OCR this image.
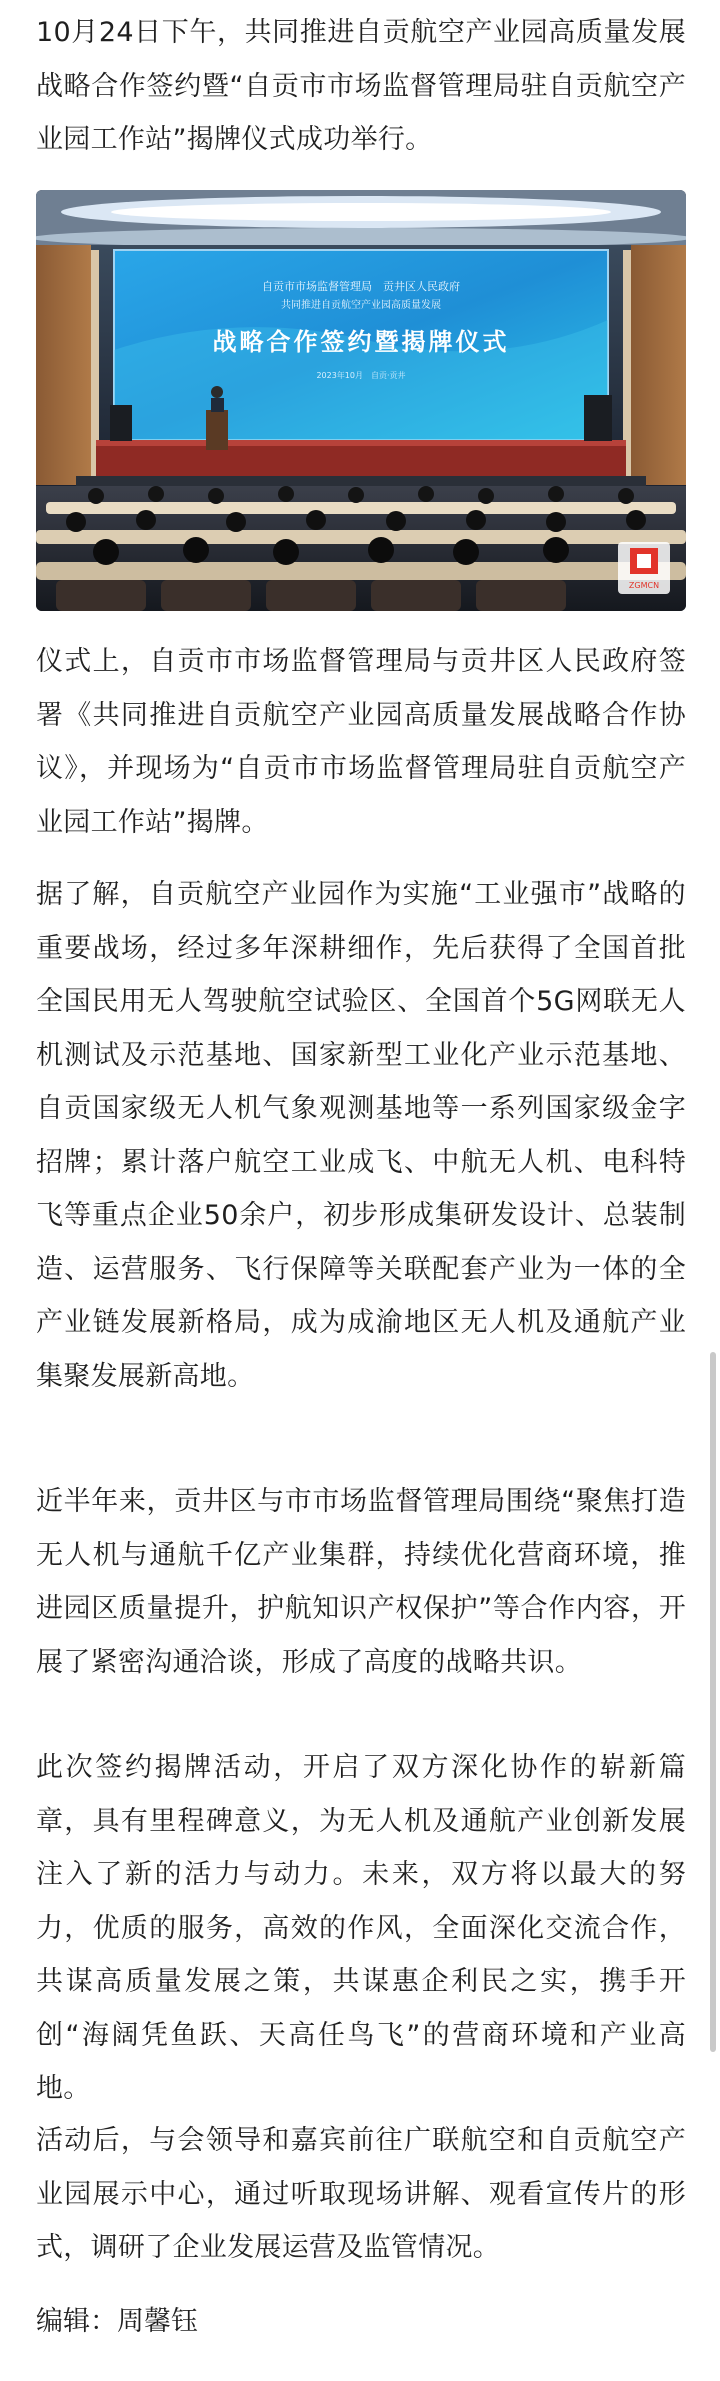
10月24日下午，共同推进自贡航空产业园高质量发展战略合作签约暨“自贡市市场监督管理局驻自贡航空产业园工作站”揭牌仪式成功举行。

自贡市市场监督管理局　贡井区人民政府
共同推进自贡航空产业园高质量发展
战略合作签约暨揭牌仪式
2023年10月　自贡·贡井
ZGMCN

仪式上，自贡市市场监督管理局与贡井区人民政府签署《共同推进自贡航空产业园高质量发展战略合作协议》，并现场为“自贡市市场监督管理局驻自贡航空产业园工作站”揭牌。

据了解，自贡航空产业园作为实施“工业强市”战略的重要战场，经过多年深耕细作，先后获得了全国首批全国民用无人驾驶航空试验区、全国首个5G网联无人机测试及示范基地、国家新型工业化产业示范基地、自贡国家级无人机气象观测基地等一系列国家级金字招牌；累计落户航空工业成飞、中航无人机、电科特飞等重点企业50余户，初步形成集研发设计、总装制造、运营服务、飞行保障等关联配套产业为一体的全产业链发展新格局，成为成渝地区无人机及通航产业集聚发展新高地。

近半年来，贡井区与市市场监督管理局围绕“聚焦打造无人机与通航千亿产业集群，持续优化营商环境，推进园区质量提升，护航知识产权保护”等合作内容，开展了紧密沟通洽谈，形成了高度的战略共识。

此次签约揭牌活动，开启了双方深化协作的崭新篇章，具有里程碑意义，为无人机及通航产业创新发展注入了新的活力与动力。未来，双方将以最大的努力，优质的服务，高效的作风，全面深化交流合作，共谋高质量发展之策，共谋惠企利民之实，携手开创“海阔凭鱼跃、天高任鸟飞”的营商环境和产业高地。

活动后，与会领导和嘉宾前往广联航空和自贡航空产业园展示中心，通过听取现场讲解、观看宣传片的形式，调研了企业发展运营及监管情况。

编辑：周馨钰
